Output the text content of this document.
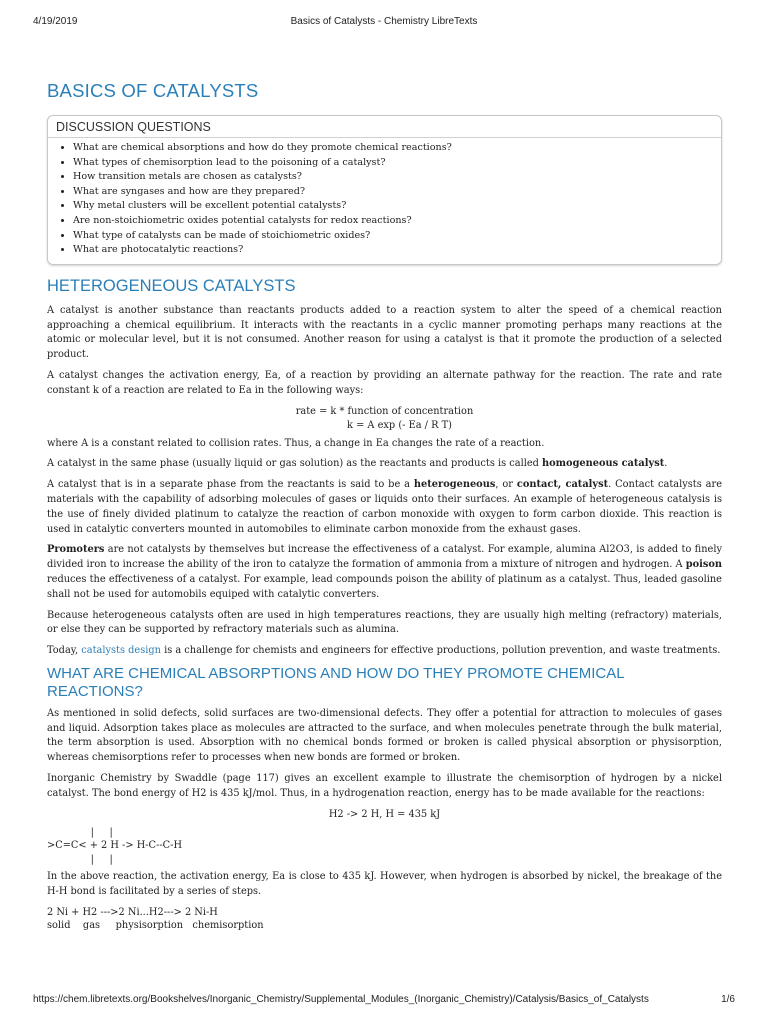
4/19/2019	Basics of Catalysts - Chemistry LibreTexts
BASICS OF CATALYSTS
DISCUSSION QUESTIONS
• What are chemical absorptions and how do they promote chemical reactions?
• What types of chemisorption lead to the poisoning of a catalyst?
• How transition metals are chosen as catalysts?
• What are syngases and how are they prepared?
• Why metal clusters will be excellent potential catalysts?
• Are non-stoichiometric oxides potential catalysts for redox reactions?
• What type of catalysts can be made of stoichiometric oxides?
• What are photocatalytic reactions?
HETEROGENEOUS CATALYSTS

A catalyst is another substance than reactants products added to a reaction system to alter the speed of a chemical reaction approaching a chemical equilibrium. It interacts with the reactants in a cyclic manner promoting perhaps many reactions at the atomic or molecular level, but it is not consumed. Another reason for using a catalyst is that it promote the production of a selected product.

A catalyst changes the activation energy, Ea, of a reaction by providing an alternate pathway for the reaction. The rate and rate constant k of a reaction are related to Ea in the following ways:

rate = k * function of concentration
k = A exp (- Ea / R T)

where A is a constant related to collision rates. Thus, a change in Ea changes the rate of a reaction.

A catalyst in the same phase (usually liquid or gas solution) as the reactants and products is called homogeneous catalyst.

A catalyst that is in a separate phase from the reactants is said to be a heterogeneous, or contact, catalyst. Contact catalysts are materials with the capability of adsorbing molecules of gases or liquids onto their surfaces. An example of heterogeneous catalysis is the use of finely divided platinum to catalyze the reaction of carbon monoxide with oxygen to form carbon dioxide. This reaction is used in catalytic converters mounted in automobiles to eliminate carbon monoxide from the exhaust gases.

Promoters are not catalysts by themselves but increase the effectiveness of a catalyst. For example, alumina Al2O3, is added to finely divided iron to increase the ability of the iron to catalyze the formation of ammonia from a mixture of nitrogen and hydrogen. A poison reduces the effectiveness of a catalyst. For example, lead compounds poison the ability of platinum as a catalyst. Thus, leaded gasoline shall not be used for automobils equiped with catalytic converters.

Because heterogeneous catalysts often are used in high temperatures reactions, they are usually high melting (refractory) materials, or else they can be supported by refractory materials such as alumina.

Today, catalysts design is a challenge for chemists and engineers for effective productions, pollution prevention, and waste treatments.

WHAT ARE CHEMICAL ABSORPTIONS AND HOW DO THEY PROMOTE CHEMICAL REACTIONS?

As mentioned in solid defects, solid surfaces are two-dimensional defects. They offer a potential for attraction to molecules of gases and liquid. Adsorption takes place as molecules are attracted to the surface, and when molecules penetrate through the bulk material, the term absorption is used. Absorption with no chemical bonds formed or broken is called physical absorption or physisorption, whereas chemisorptions refer to processes when new bonds are formed or broken.

Inorganic Chemistry by Swaddle (page 117) gives an excellent example to illustrate the chemisorption of hydrogen by a nickel catalyst. The bond energy of H2 is 435 kJ/mol. Thus, in a hydrogenation reaction, energy has to be made available for the reactions:

H2 -> 2 H, H = 435 kJ
|     |
>C=C< + 2 H -> H-C--C-H
|     |

In the above reaction, the activation energy, Ea is close to 435 kJ. However, when hydrogen is absorbed by nickel, the breakage of the H-H bond is facilitated by a series of steps.

2 Ni + H2 --->2 Ni...H2---> 2 Ni-H
solid    gas     physisorption   chemisorption
https://chem.libretexts.org/Bookshelves/Inorganic_Chemistry/Supplemental_Modules_(Inorganic_Chemistry)/Catalysis/Basics_of_Catalysts	1/6
